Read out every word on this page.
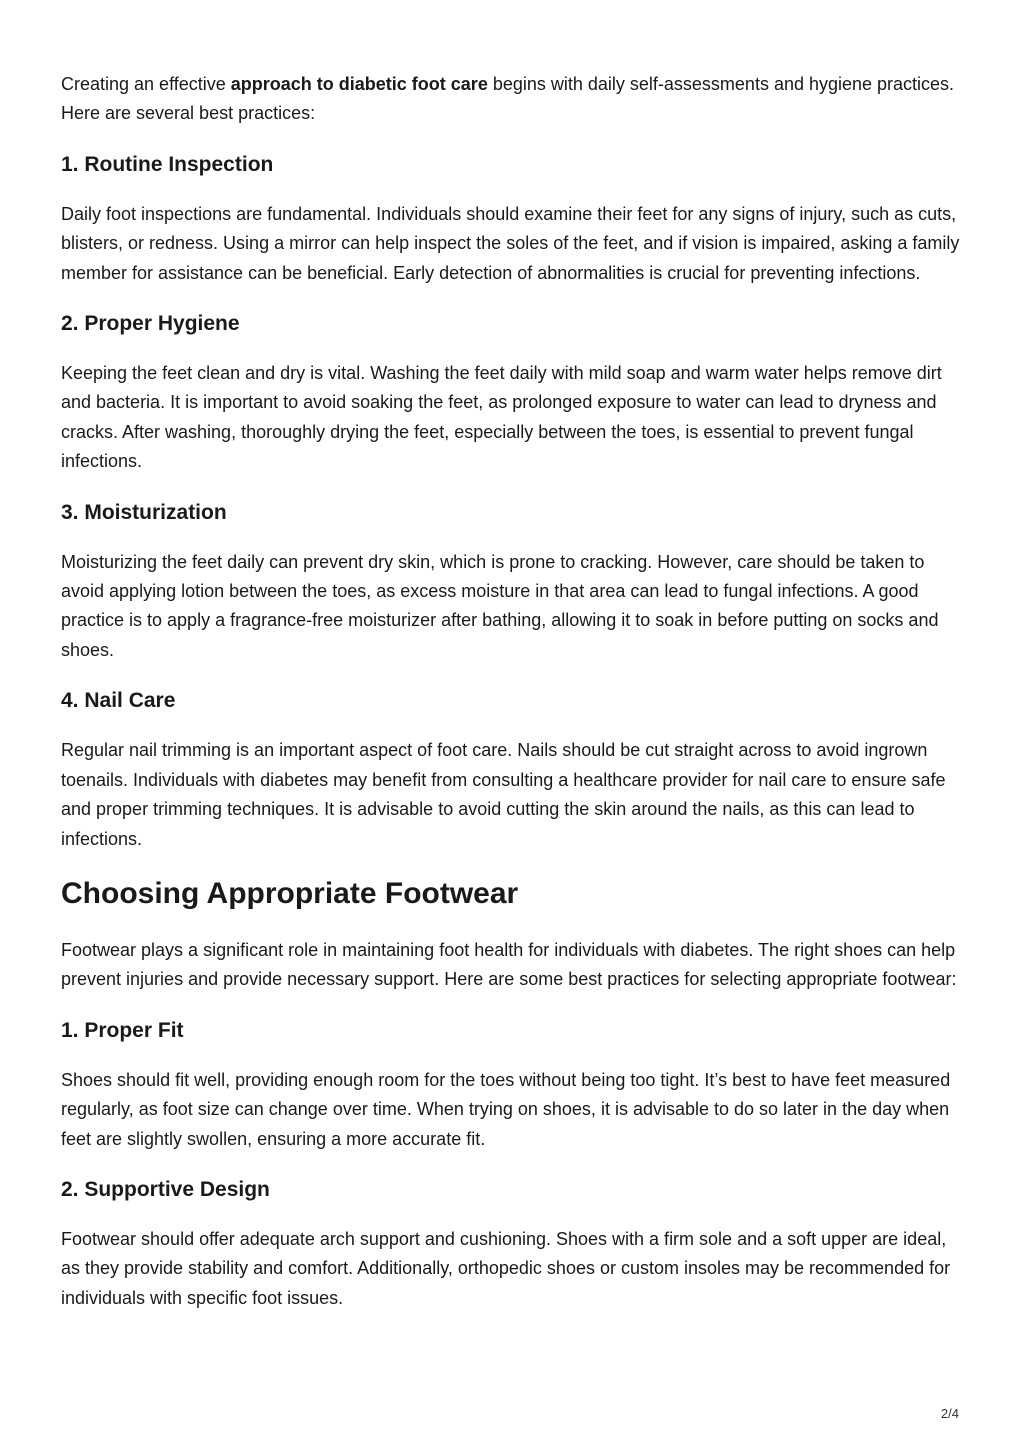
Creating an effective approach to diabetic foot care begins with daily self-assessments and hygiene practices. Here are several best practices:

1. Routine Inspection

Daily foot inspections are fundamental. Individuals should examine their feet for any signs of injury, such as cuts, blisters, or redness. Using a mirror can help inspect the soles of the feet, and if vision is impaired, asking a family member for assistance can be beneficial. Early detection of abnormalities is crucial for preventing infections.

2. Proper Hygiene

Keeping the feet clean and dry is vital. Washing the feet daily with mild soap and warm water helps remove dirt and bacteria. It is important to avoid soaking the feet, as prolonged exposure to water can lead to dryness and cracks. After washing, thoroughly drying the feet, especially between the toes, is essential to prevent fungal infections.

3. Moisturization

Moisturizing the feet daily can prevent dry skin, which is prone to cracking. However, care should be taken to avoid applying lotion between the toes, as excess moisture in that area can lead to fungal infections. A good practice is to apply a fragrance-free moisturizer after bathing, allowing it to soak in before putting on socks and shoes.

4. Nail Care

Regular nail trimming is an important aspect of foot care. Nails should be cut straight across to avoid ingrown toenails. Individuals with diabetes may benefit from consulting a healthcare provider for nail care to ensure safe and proper trimming techniques. It is advisable to avoid cutting the skin around the nails, as this can lead to infections.

Choosing Appropriate Footwear

Footwear plays a significant role in maintaining foot health for individuals with diabetes. The right shoes can help prevent injuries and provide necessary support. Here are some best practices for selecting appropriate footwear:

1. Proper Fit

Shoes should fit well, providing enough room for the toes without being too tight. It’s best to have feet measured regularly, as foot size can change over time. When trying on shoes, it is advisable to do so later in the day when feet are slightly swollen, ensuring a more accurate fit.

2. Supportive Design

Footwear should offer adequate arch support and cushioning. Shoes with a firm sole and a soft upper are ideal, as they provide stability and comfort. Additionally, orthopedic shoes or custom insoles may be recommended for individuals with specific foot issues.

2/4
